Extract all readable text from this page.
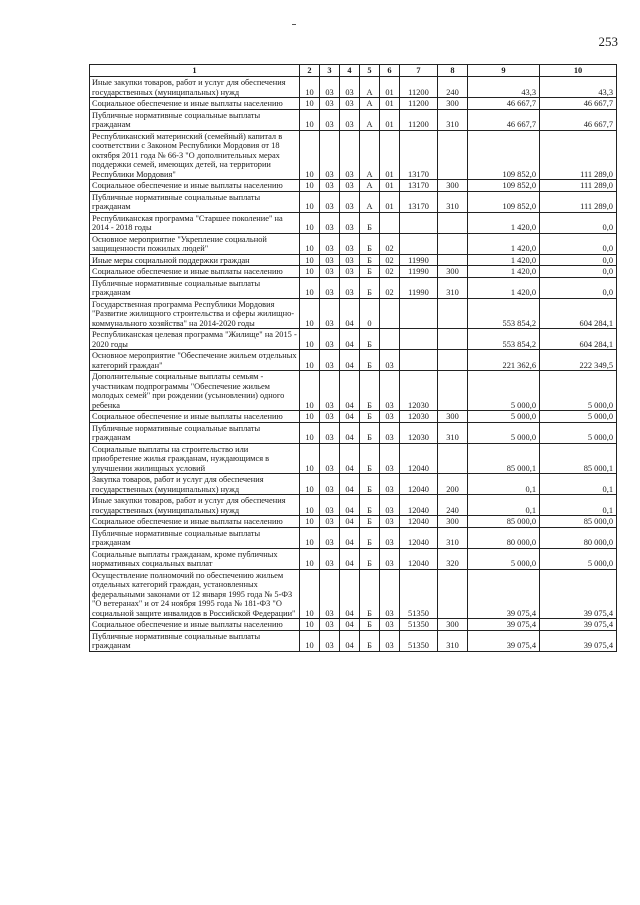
253
1	2	3	4	5	6	7	8	9	10
Иные закупки товаров, работ и услуг для обеспечения государственных (муниципальных) нужд	10	03	03	А	01	11200	240	43,3	43,3
Социальное обеспечение и иные выплаты населению	10	03	03	А	01	11200	300	46 667,7	46 667,7
Публичные нормативные социальные выплаты гражданам	10	03	03	А	01	11200	310	46 667,7	46 667,7
Республиканский материнский (семейный) капитал в соответствии с Законом Республики Мордовия от 18 октября 2011 года № 66-З "О дополнительных мерах поддержки семей, имеющих детей, на территории Республики Мордовия"	10	03	03	А	01	13170		109 852,0	111 289,0
Социальное обеспечение и иные выплаты населению	10	03	03	А	01	13170	300	109 852,0	111 289,0
Публичные нормативные социальные выплаты гражданам	10	03	03	А	01	13170	310	109 852,0	111 289,0
Республиканская программа "Старшее поколение" на 2014 - 2018 годы	10	03	03	Б				1 420,0	0,0
Основное мероприятие "Укрепление социальной защищенности пожилых людей"	10	03	03	Б	02			1 420,0	0,0
Иные меры социальной поддержки граждан	10	03	03	Б	02	11990		1 420,0	0,0
Социальное обеспечение и иные выплаты населению	10	03	03	Б	02	11990	300	1 420,0	0,0
Публичные нормативные социальные выплаты гражданам	10	03	03	Б	02	11990	310	1 420,0	0,0
Государственная программа Республики Мордовия "Развитие жилищного строительства и сферы жилищно-коммунального хозяйства" на 2014-2020 годы	10	03	04	0				553 854,2	604 284,1
Республиканская целевая программа "Жилище" на 2015 - 2020 годы	10	03	04	Б				553 854,2	604 284,1
Основное мероприятие "Обеспечение жильем отдельных категорий граждан"	10	03	04	Б	03			221 362,6	222 349,5
Дополнительные социальные выплаты семьям - участникам подпрограммы "Обеспечение жильем молодых семей" при рождении (усыновлении) одного ребенка	10	03	04	Б	03	12030		5 000,0	5 000,0
Социальное обеспечение и иные выплаты населению	10	03	04	Б	03	12030	300	5 000,0	5 000,0
Публичные нормативные социальные выплаты гражданам	10	03	04	Б	03	12030	310	5 000,0	5 000,0
Социальные выплаты на строительство или приобретение жилья гражданам, нуждающимся в улучшении жилищных условий	10	03	04	Б	03	12040		85 000,1	85 000,1
Закупка товаров, работ и услуг для обеспечения государственных (муниципальных) нужд	10	03	04	Б	03	12040	200	0,1	0,1
Иные закупки товаров, работ и услуг для обеспечения государственных (муниципальных) нужд	10	03	04	Б	03	12040	240	0,1	0,1
Социальное обеспечение и иные выплаты населению	10	03	04	Б	03	12040	300	85 000,0	85 000,0
Публичные нормативные социальные выплаты гражданам	10	03	04	Б	03	12040	310	80 000,0	80 000,0
Социальные выплаты гражданам, кроме публичных нормативных социальных выплат	10	03	04	Б	03	12040	320	5 000,0	5 000,0
Осуществление полномочий по обеспечению жильем отдельных категорий граждан, установленных федеральными законами от 12 января 1995 года № 5-ФЗ "О ветеранах" и от 24 ноября 1995 года № 181-ФЗ "О социальной защите инвалидов в Российской Федерации"	10	03	04	Б	03	51350		39 075,4	39 075,4
Социальное обеспечение и иные выплаты населению	10	03	04	Б	03	51350	300	39 075,4	39 075,4
Публичные нормативные социальные выплаты гражданам	10	03	04	Б	03	51350	310	39 075,4	39 075,4
